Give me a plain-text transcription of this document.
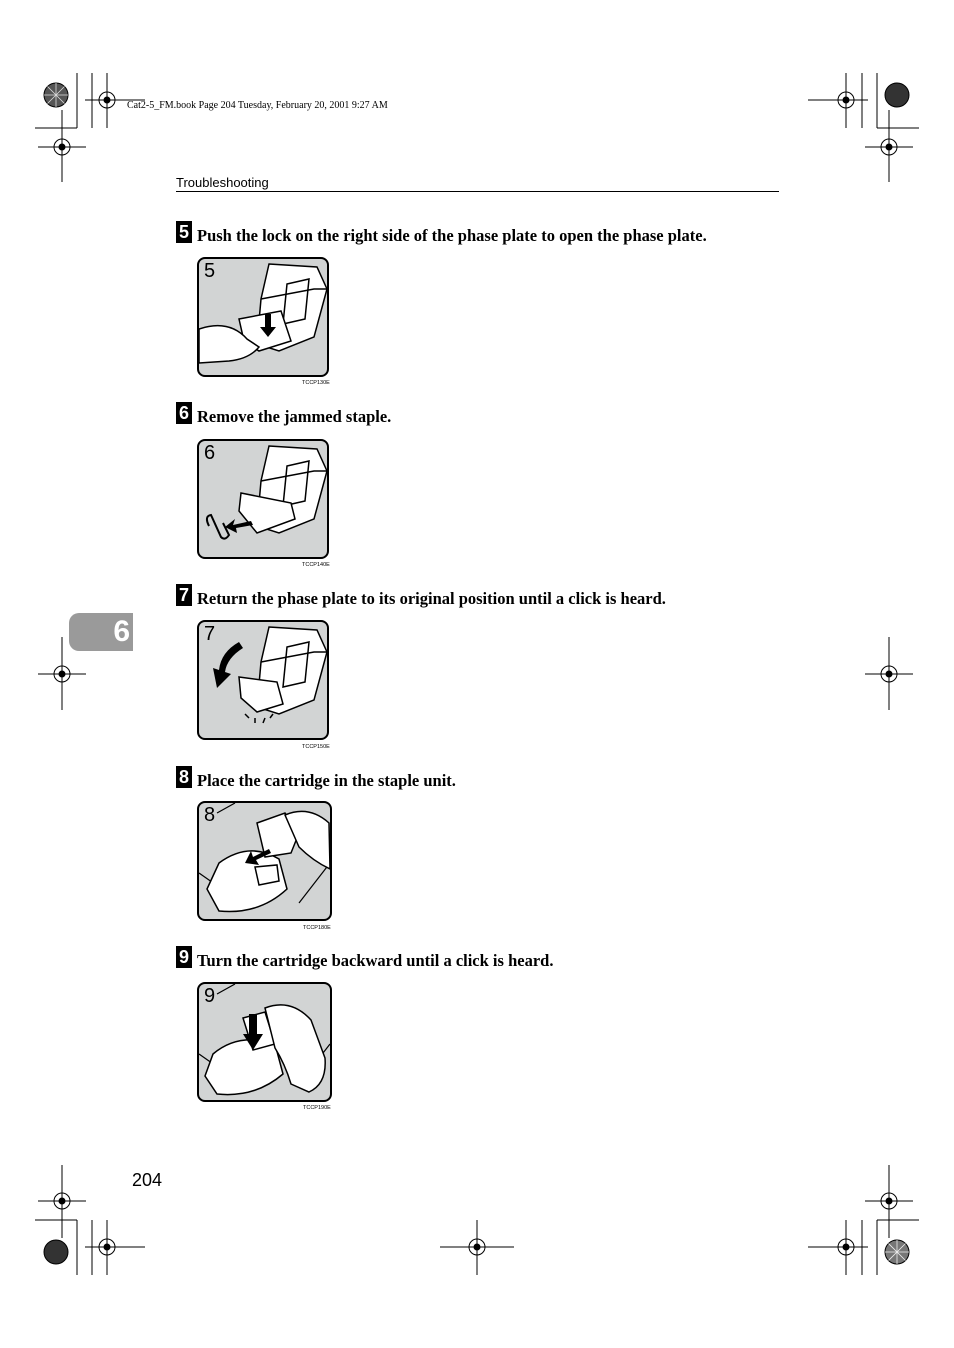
Cat2-5_FM.book Page 204 Tuesday, February 20, 2001 9:27 AM
Troubleshooting
6
5 Push the lock on the right side of the phase plate to open the phase plate.
5
TCCP130E
6 Remove the jammed staple.
6
TCCP140E
7 Return the phase plate to its original position until a click is heard.
7
TCCP150E
8 Place the cartridge in the staple unit.
8
TCCP180E
9 Turn the cartridge backward until a click is heard.
9
TCCP190E
204
